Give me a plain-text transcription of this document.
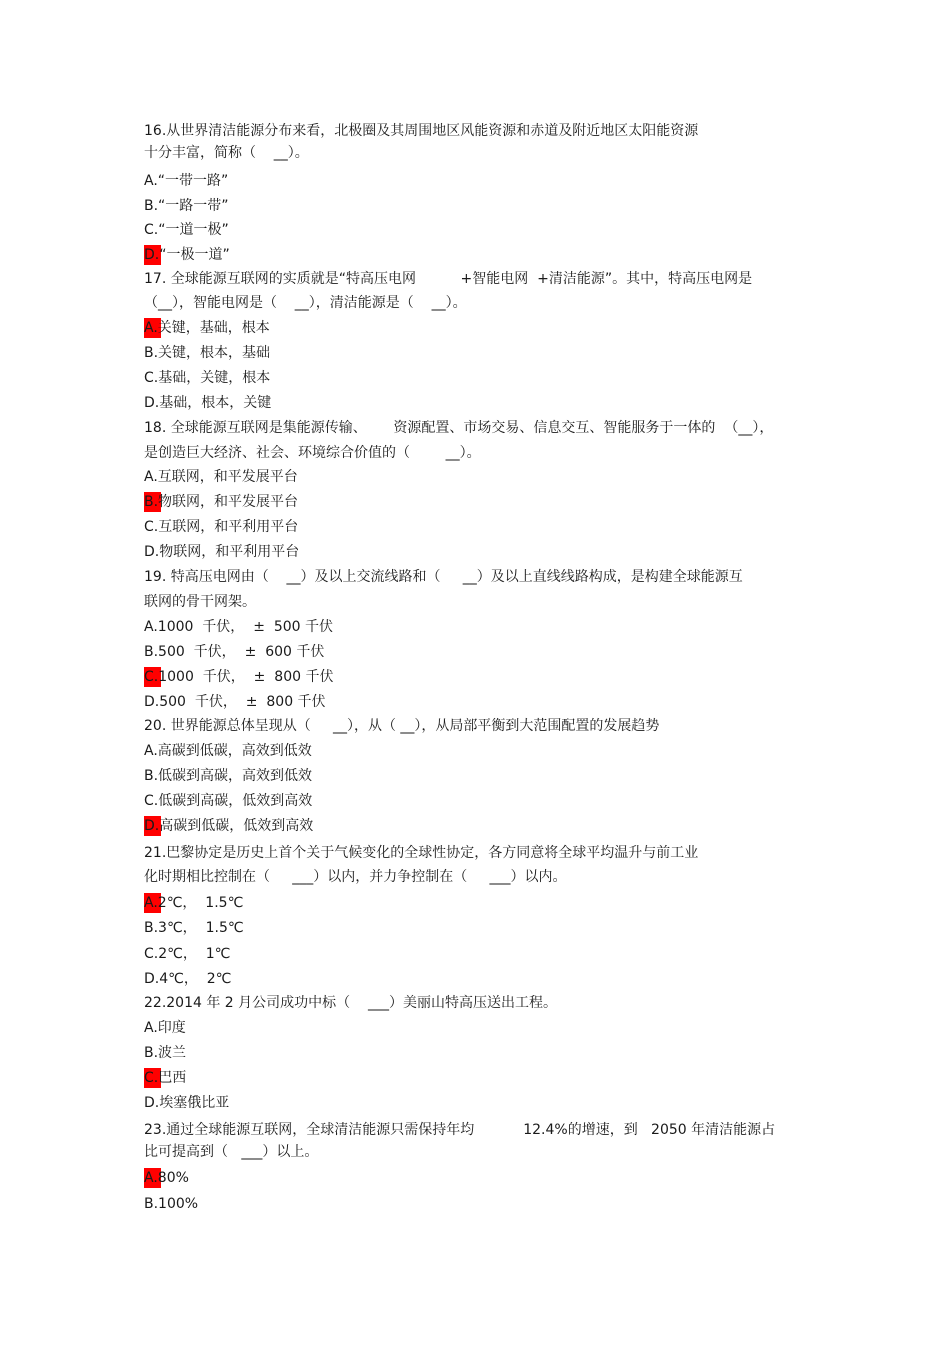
16.从世界清洁能源分布来看，北极圈及其周围地区风能资源和赤道及附近地区太阳能资源
十分丰富，简称（    __）。
A.“一带一路”
B.“一路一带”
C.“一道一极”
D.“一极一道”
17. 全球能源互联网的实质就是“特高压电网          +智能电网  +清洁能源”。其中，特高压电网是
（__），智能电网是（    __），清洁能源是（    __）。
A.关键，基础，根本
B.关键，根本，基础
C.基础，关键，根本
D.基础，根本，关键
18. 全球能源互联网是集能源传输、      资源配置、市场交易、信息交互、智能服务于一体的  （__），
是创造巨大经济、社会、环境综合价值的（        __）。
A.互联网，和平发展平台
B.物联网，和平发展平台
C.互联网，和平利用平台
D.物联网，和平利用平台
19. 特高压电网由（    __）及以上交流线路和（     __）及以上直线线路构成，是构建全球能源互
联网的骨干网架。
A.1000  千伏，  ±  500 千伏
B.500  千伏，  ±  600 千伏
C.1000  千伏，  ±  800 千伏
D.500  千伏，  ±  800 千伏
20. 世界能源总体呈现从（     __），从（ __），从局部平衡到大范围配置的发展趋势
A.高碳到低碳，高效到低效
B.低碳到高碳，高效到低效
C.低碳到高碳，低效到高效
D.高碳到低碳，低效到高效
21.巴黎协定是历史上首个关于气候变化的全球性协定，各方同意将全球平均温升与前工业
化时期相比控制在（     ___）以内，并力争控制在（     ___）以内。
A.2℃，  1.5℃
B.3℃，  1.5℃
C.2℃，  1℃
D.4℃，  2℃
22.2014 年 2 月公司成功中标（    ___）美丽山特高压送出工程。
A.印度
B.波兰
C.巴西
D.埃塞俄比亚
23.通过全球能源互联网，全球清洁能源只需保持年均           12.4%的增速，到   2050 年清洁能源占
比可提高到（   ___）以上。
A.80%
B.100%
